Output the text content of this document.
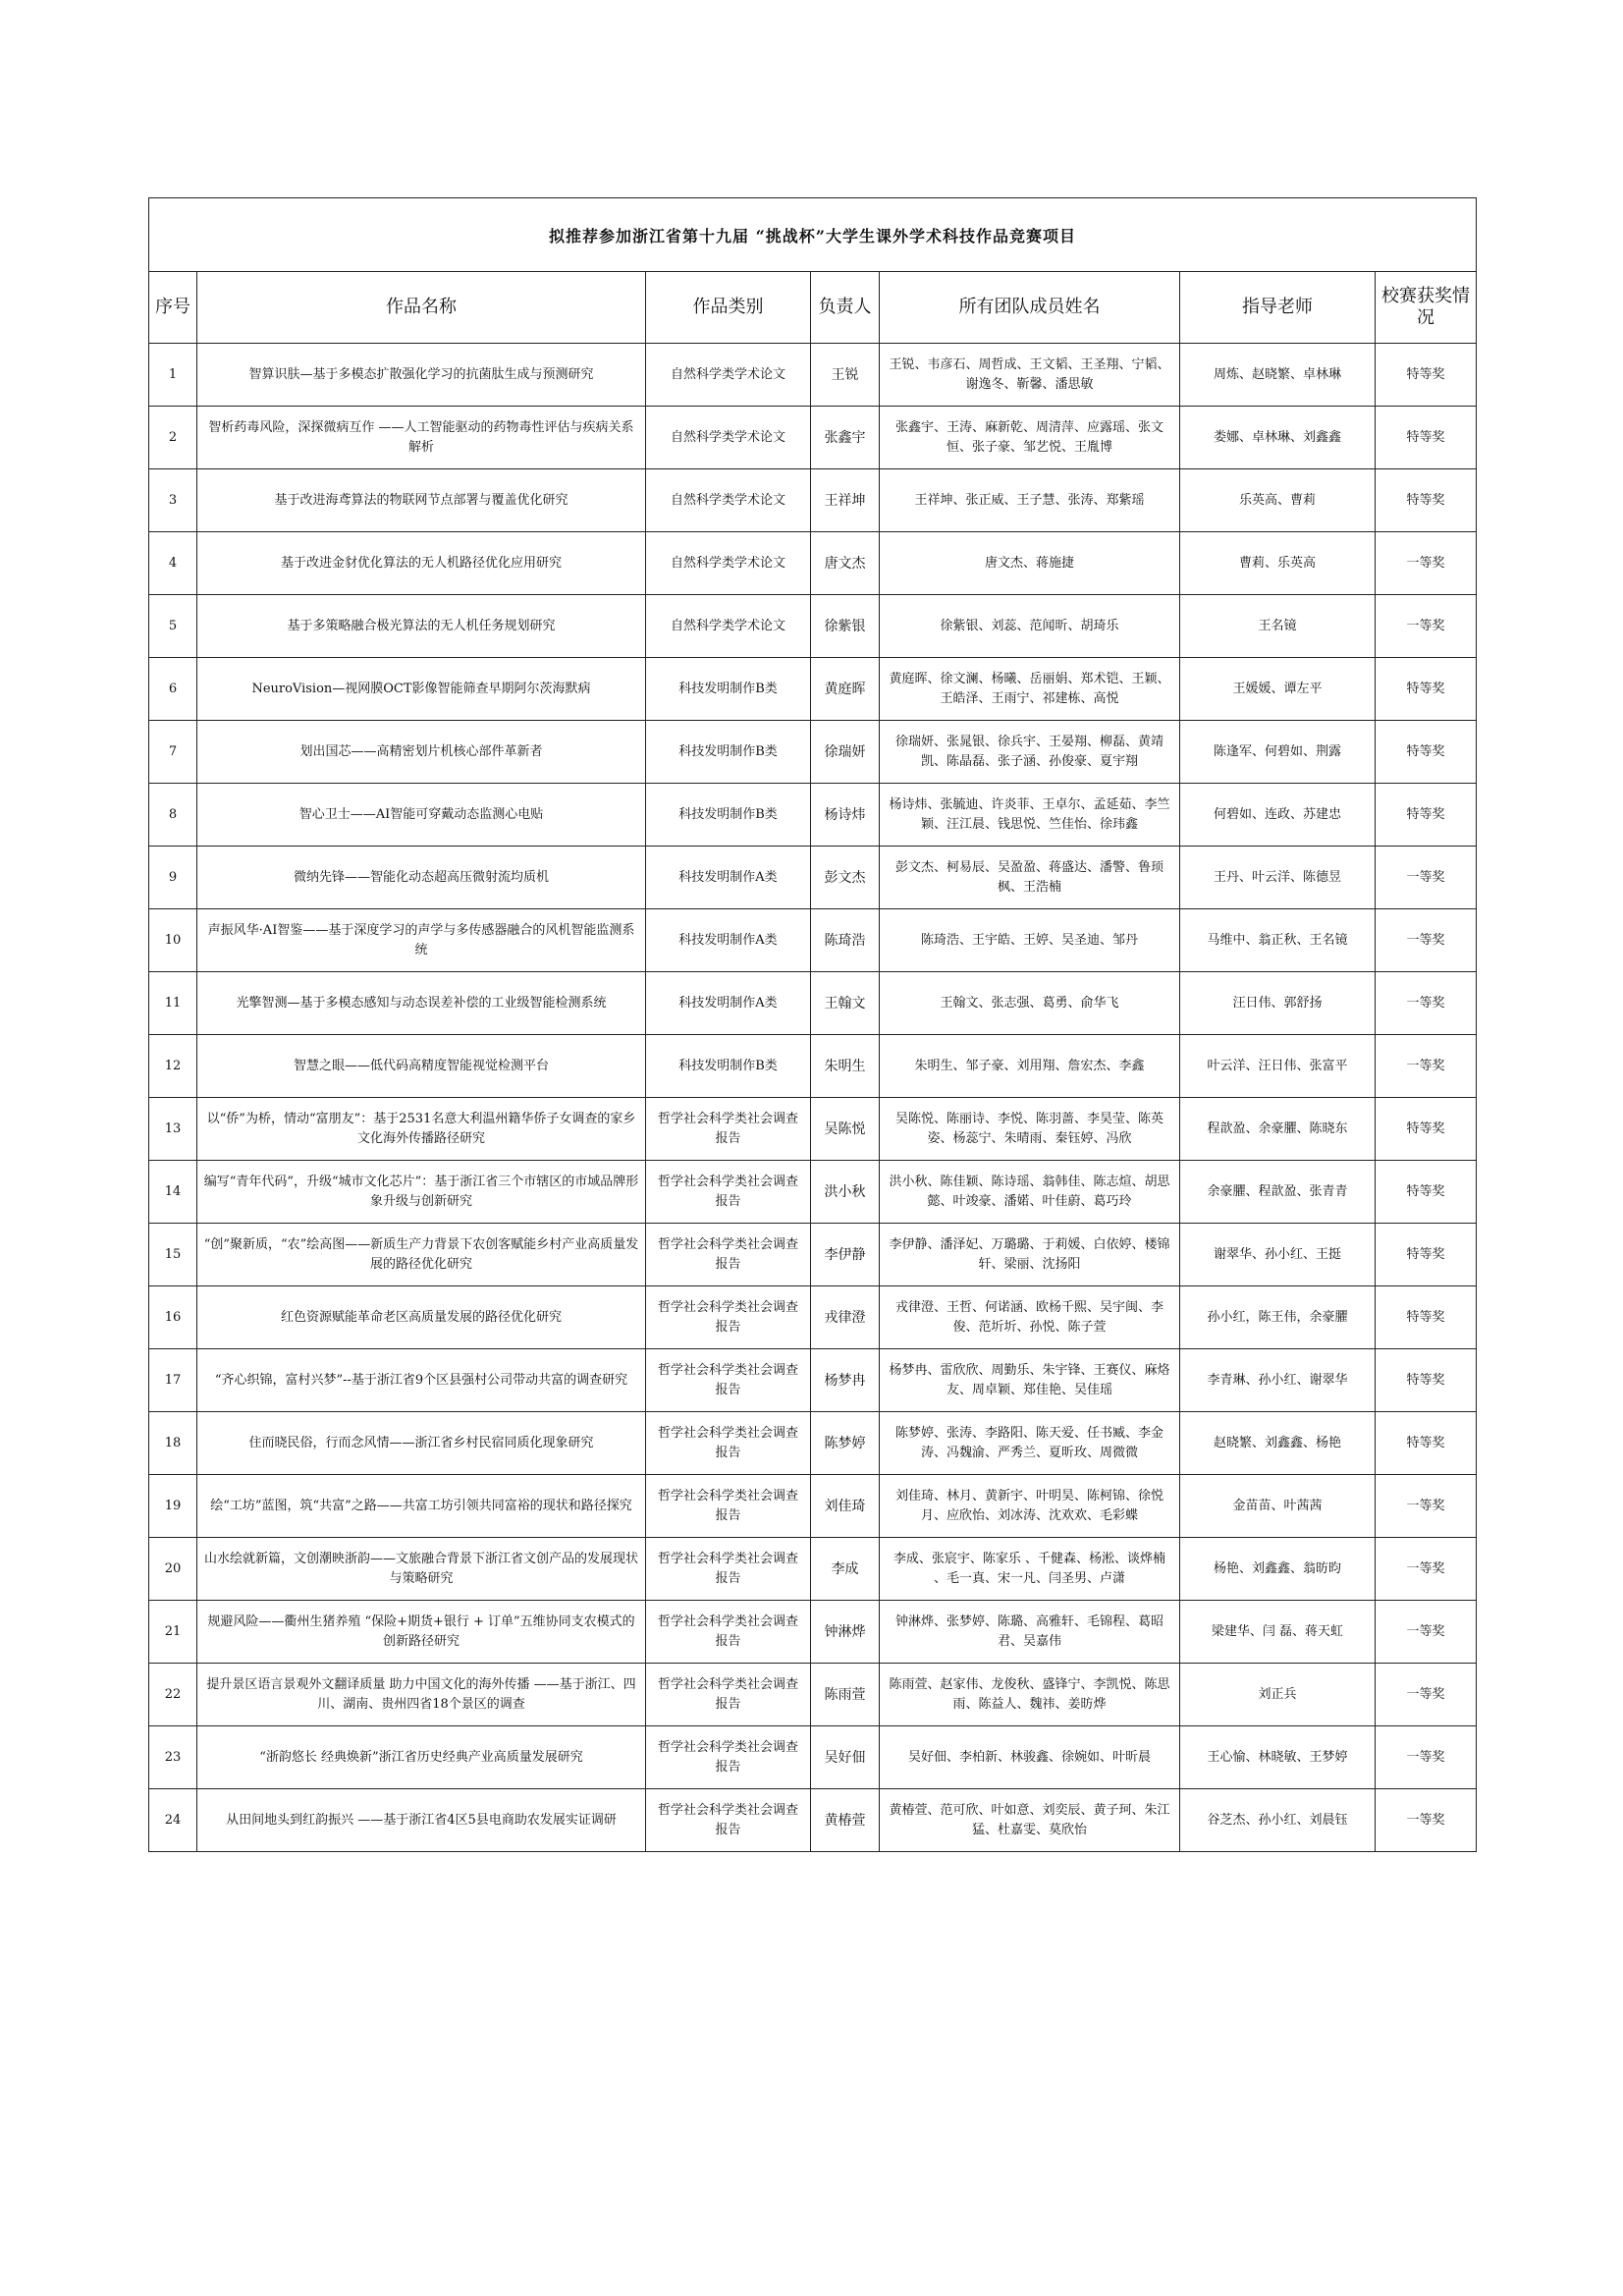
拟推荐参加浙江省第十九届 “挑战杯”大学生课外学术科技作品竞赛项目						
序号	作品名称	作品类别	负责人	所有团队成员姓名	指导老师	校赛获奖情况
1	智算识肤—基于多模态扩散强化学习的抗菌肽生成与预测研究	自然科学类学术论文	王锐	王锐、韦彦石、周哲成、王文韬、王圣翔、宁韬、谢逸冬、靳馨、潘思敏	周炼、赵晓繁、卓林琳	特等奖
2	智析药毒风险，深探微病互作 ——人工智能驱动的药物毒性评估与疾病关系解析	自然科学类学术论文	张鑫宇	张鑫宇、王涛、麻新乾、周清萍、应露瑶、张文恒、张子豪、邹艺悦、王胤博	娄娜、卓林琳、刘鑫鑫	特等奖
3	基于改进海鸢算法的物联网节点部署与覆盖优化研究	自然科学类学术论文	王祥坤	王祥坤、张正威、王子慧、张涛、郑紫瑶	乐英高、曹莉	特等奖
4	基于改进金豺优化算法的无人机路径优化应用研究	自然科学类学术论文	唐文杰	唐文杰、蒋施捷	曹莉、乐英高	一等奖
5	基于多策略融合极光算法的无人机任务规划研究	自然科学类学术论文	徐紫银	徐紫银、刘蕊、范闻昕、胡琦乐	王名镜	一等奖
6	NeuroVision—视网膜OCT影像智能筛查早期阿尔茨海默病	科技发明制作B类	黄庭晖	黄庭晖、徐文澜、杨曦、岳丽娟、郑术铠、王颖、王皓泽、王雨宁、祁建栋、高悦	王媛媛、谭左平	特等奖
7	划出国芯——高精密划片机核心部件革新者	科技发明制作B类	徐瑞妍	徐瑞妍、张晁银、徐兵宇、王晏翔、柳磊、黄靖凯、陈晶磊、张子涵、孙俊豪、夏宇翔	陈逢军、何碧如、荆露	特等奖
8	智心卫士——AI智能可穿戴动态监测心电贴	科技发明制作B类	杨诗炜	杨诗炜、张毓迪、许炎菲、王卓尔、孟延茹、李竺颖、汪江晨、钱思悦、竺佳怡、徐玮鑫	何碧如、连政、苏建忠	特等奖
9	微纳先锋——智能化动态超高压微射流均质机	科技发明制作A类	彭文杰	彭文杰、柯易辰、吴盈盈、蒋盛达、潘警、鲁顼枫、王浩楠	王丹、叶云洋、陈德昱	一等奖
10	声振风华·AI智鉴——基于深度学习的声学与多传感器融合的风机智能监测系统	科技发明制作A类	陈琦浩	陈琦浩、王宇皓、王婷、吴圣迪、邹丹	马维中、翁正秋、王名镜	一等奖
11	光擎智测—基于多模态感知与动态误差补偿的工业级智能检测系统	科技发明制作A类	王翰文	王翰文、张志强、葛勇、俞华飞	汪日伟、郭舒扬	一等奖
12	智慧之眼——低代码高精度智能视觉检测平台	科技发明制作B类	朱明生	朱明生、邹子豪、刘用翔、詹宏杰、李鑫	叶云洋、汪日伟、张富平	一等奖
13	以“侨”为桥，情动“富朋友”：基于2531名意大利温州籍华侨子女调查的家乡文化海外传播路径研究	哲学社会科学类社会调查报告	吴陈悦	吴陈悦、陈丽诗、李悦、陈羽蔷、李昊莹、陈英姿、杨蕊宁、朱晴雨、秦钰婷、冯欣	程歆盈、余豪臞、陈晓东	特等奖
14	编写“青年代码”，升级“城市文化芯片”：基于浙江省三个市辖区的市域品牌形象升级与创新研究	哲学社会科学类社会调查报告	洪小秋	洪小秋、陈佳颖、陈诗瑶、翁韩佳、陈志煊、胡思懿、叶竣豪、潘婼、叶佳蔚、葛巧玲	余豪臞、程歆盈、张青青	特等奖
15	“创”聚新质，“农”绘高图——新质生产力背景下农创客赋能乡村产业高质量发展的路径优化研究	哲学社会科学类社会调查报告	李伊静	李伊静、潘泽妃、万璐璐、于莉媛、白依婷、楼锦轩、梁丽、沈扬阳	谢翠华、孙小红、王挺	特等奖
16	红色资源赋能革命老区高质量发展的路径优化研究	哲学社会科学类社会调查报告	戎律澄	戎律澄、王哲、何诺涵、欧杨千熙、吴宇闽、李俊、范圻圻、孙悦、陈子萱	孙小红，陈王伟，余豪臞	特等奖
17	“齐心织锦，富村兴梦”--基于浙江省9个区县强村公司带动共富的调查研究	哲学社会科学类社会调查报告	杨梦冉	杨梦冉、雷欣欣、周勤乐、朱宇锋、王赛仪、麻烙友、周卓颖、郑佳艳、吴佳瑶	李青琳、孙小红、谢翠华	特等奖
18	住而晓民俗，行而念风情——浙江省乡村民宿同质化现象研究	哲学社会科学类社会调查报告	陈梦婷	陈梦婷、张涛、李路阳、陈天爱、任书臧、李金涛、冯魏渝、严秀兰、夏昕玫、周微微	赵晓繁、刘鑫鑫、杨艳	特等奖
19	绘“工坊”蓝图，筑“共富”之路——共富工坊引领共同富裕的现状和路径探究	哲学社会科学类社会调查报告	刘佳琦	刘佳琦、林月、黄新宇、叶明昊、陈柯锦、徐悦月、应欣怡、刘冰涛、沈欢欢、毛彩蝶	金苗苗、叶茜茜	一等奖
20	山水绘就新篇，文创潮映浙韵——文旅融合背景下浙江省文创产品的发展现状与策略研究	哲学社会科学类社会调查报告	李成	李成、张宸宇、陈家乐 、千健森、杨淞、谈烨楠 、毛一真、宋一凡、闫圣男、卢潇	杨艳、刘鑫鑫、翁昉昀	一等奖
21	规避风险——衢州生猪养殖 “保险+期货+银行 + 订单”五维协同支农模式的创新路径研究	哲学社会科学类社会调查报告	钟淋烨	钟淋烨、张梦婷、陈璐、高雅轩、毛锦程、葛昭君、吴嘉伟	梁建华、闫 磊、蒋天虹	一等奖
22	提升景区语言景观外文翻译质量 助力中国文化的海外传播 ——基于浙江、四川、湖南、贵州四省18个景区的调查	哲学社会科学类社会调查报告	陈雨萱	陈雨萱、赵家伟、龙俊秋、盛锋宁、李凯悦、陈思雨、陈益人、魏祎、姜昉烨	刘正兵	一等奖
23	“浙韵悠长 经典焕新”浙江省历史经典产业高质量发展研究	哲学社会科学类社会调查报告	吴好佃	吴好佃、李柏新、林骏鑫、徐婉如、叶昕晨	王心愉、林晓敏、王梦婷	一等奖
24	从田间地头到红韵振兴 ——基于浙江省4区5县电商助农发展实证调研	哲学社会科学类社会调查报告	黄椿萱	黄椿萱、范可欣、叶如意、刘奕辰、黄子珂、朱江猛、杜嘉雯、莫欣怡	谷芝杰、孙小红、刘晨钰	一等奖
